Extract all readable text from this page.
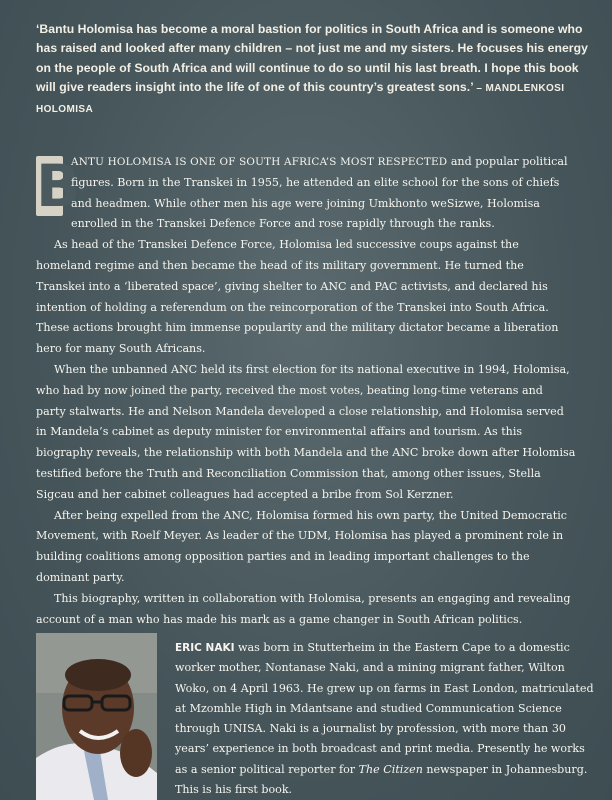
‘Bantu Holomisa has become a moral bastion for politics in South Africa and is someone who has raised and looked after many children – not just me and my sisters. He focuses his energy on the people of South Africa and will continue to do so until his last breath. I hope this book will give readers insight into the life of one of this country’s greatest sons.’ – MANDLENKOSI HOLOMISA

B
ANTU HOLOMISA IS ONE OF SOUTH AFRICA’S MOST RESPECTED and popular political figures. Born in the Transkei in 1955, he attended an elite school for the sons of chiefs and headmen. While other men his age were joining Umkhonto weSizwe, Holomisa enrolled in the Transkei Defence Force and rose rapidly through the ranks.

As head of the Transkei Defence Force, Holomisa led successive coups against the homeland regime and then became the head of its military government. He turned the Transkei into a ‘liberated space’, giving shelter to ANC and PAC activists, and declared his intention of holding a referendum on the reincorporation of the Transkei into South Africa. These actions brought him immense popularity and the military dictator became a liberation hero for many South Africans.

When the unbanned ANC held its first election for its national executive in 1994, Holomisa, who had by now joined the party, received the most votes, beating long-time veterans and party stalwarts. He and Nelson Mandela developed a close relationship, and Holomisa served in Mandela’s cabinet as deputy minister for environmental affairs and tourism. As this biography reveals, the relationship with both Mandela and the ANC broke down after Holomisa testified before the Truth and Reconciliation Commission that, among other issues, Stella Sigcau and her cabinet colleagues had accepted a bribe from Sol Kerzner.

After being expelled from the ANC, Holomisa formed his own party, the United Democratic Movement, with Roelf Meyer. As leader of the UDM, Holomisa has played a prominent role in building coalitions among opposition parties and in leading important challenges to the dominant party.

This biography, written in collaboration with Holomisa, presents an engaging and revealing account of a man who has made his mark as a game changer in South African politics.

ERIC NAKI was born in Stutterheim in the Eastern Cape to a domestic worker mother, Nontanase Naki, and a mining migrant father, Wilton Woko, on 4 April 1963. He grew up on farms in East London, matriculated at Mzomhle High in Mdantsane and studied Communication Science through UNISA. Naki is a journalist by profession, with more than 30 years’ experience in both broadcast and print media. Presently he works as a senior political reporter for The Citizen newspaper in Johannesburg. This is his first book.
